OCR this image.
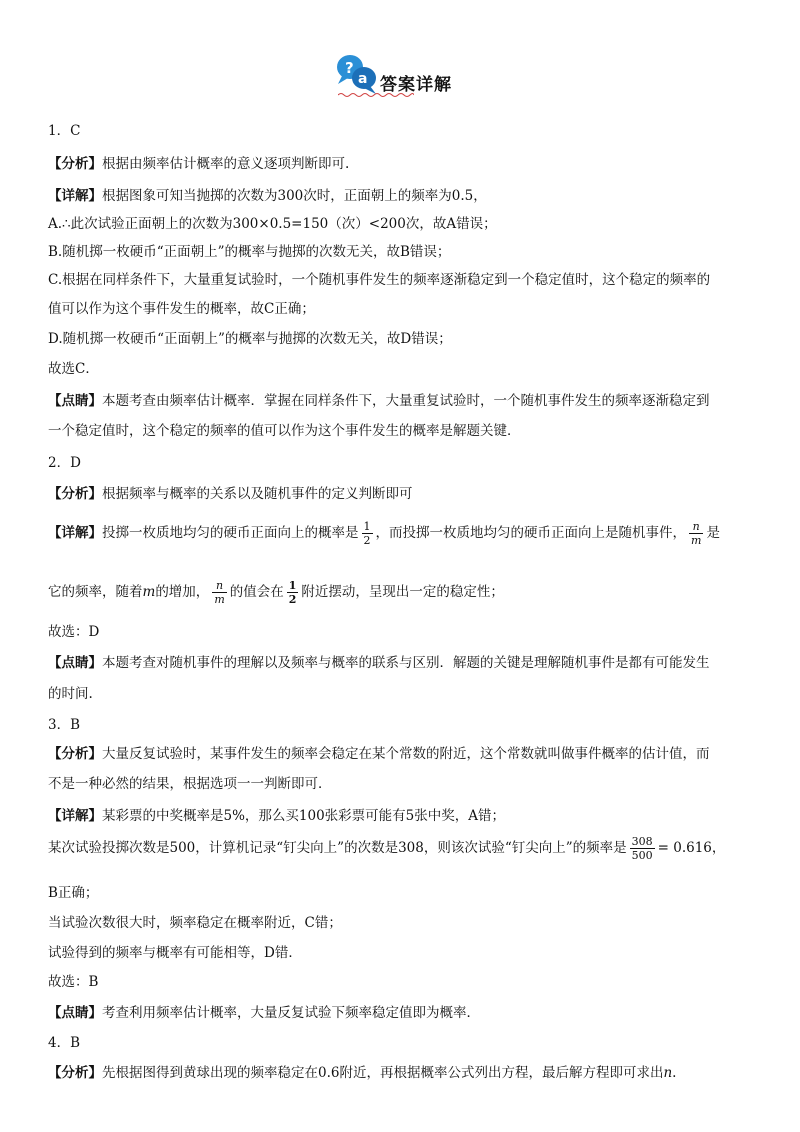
?
a 答案详解
1．C
【分析】根据由频率估计概率的意义逐项判断即可.
【详解】根据图象可知当抛掷的次数为300次时，正面朝上的频率为0.5，
A.∴此次试验正面朝上的次数为300×0.5=150（次）<200次，故A错误；
B.随机掷一枚硬币“正面朝上”的概率与抛掷的次数无关，故B错误；
C.根据在同样条件下，大量重复试验时，一个随机事件发生的频率逐渐稳定到一个稳定值时，这个稳定的频率的
值可以作为这个事件发生的概率，故C正确；
D.随机掷一枚硬币“正面朝上”的概率与抛掷的次数无关，故D错误；
故选C．
【点睛】本题考查由频率估计概率．掌握在同样条件下，大量重复试验时，一个随机事件发生的频率逐渐稳定到
一个稳定值时，这个稳定的频率的值可以作为这个事件发生的概率是解题关键．
2．D
【分析】根据频率与概率的关系以及随机事件的定义判断即可
【详解】投掷一枚质地均匀的硬币正面向上的概率是 $\frac{1}{2}$ ，而投掷一枚质地均匀的硬币正面向上是随机事件， $\frac{n}{m}$ 是
它的频率，随着m的增加， $\frac{n}{m}$ 的值会在 $\frac{1}{2}$ 附近摆动，呈现出一定的稳定性；
故选：D
【点睛】本题考查对随机事件的理解以及频率与概率的联系与区别．解题的关键是理解随机事件是都有可能发生
的时间.
3．B
【分析】大量反复试验时，某事件发生的频率会稳定在某个常数的附近，这个常数就叫做事件概率的估计值，而
不是一种必然的结果，根据选项一一判断即可．
【详解】某彩票的中奖概率是5%，那么买100张彩票可能有5张中奖，A错；
某次试验投掷次数是500，计算机记录“钉尖向上”的次数是308，则该次试验“钉尖向上”的频率是 $\frac{308}{500} = 0.616$，
B正确；
当试验次数很大时，频率稳定在概率附近，C错；
试验得到的频率与概率有可能相等，D错．
故选：B
【点睛】考查利用频率估计概率，大量反复试验下频率稳定值即为概率．
4．B
【分析】先根据图得到黄球出现的频率稳定在0.6附近，再根据概率公式列出方程，最后解方程即可求出n.
